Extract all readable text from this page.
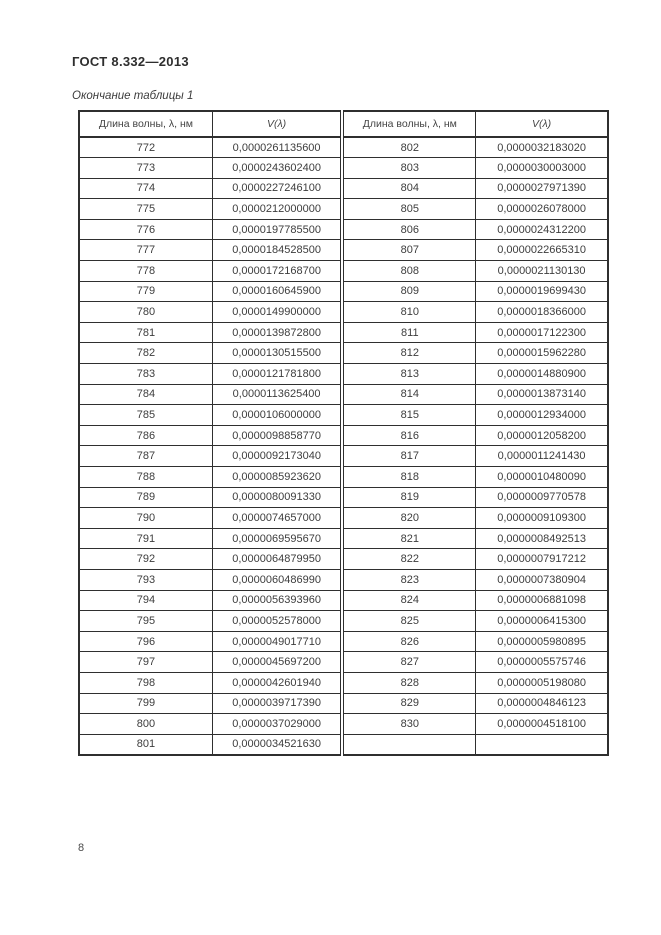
ГОСТ 8.332—2013
Окончание таблицы 1
Длина волны, λ, нм	V(λ)	Длина волны, λ, нм	V(λ)
772	0,0000261135600	802	0,0000032183020
773	0,0000243602400	803	0,0000030003000
774	0,0000227246100	804	0,0000027971390
775	0,0000212000000	805	0,0000026078000
776	0,0000197785500	806	0,0000024312200
777	0,0000184528500	807	0,0000022665310
778	0,0000172168700	808	0,0000021130130
779	0,0000160645900	809	0,0000019699430
780	0,0000149900000	810	0,0000018366000
781	0,0000139872800	811	0,0000017122300
782	0,0000130515500	812	0,0000015962280
783	0,0000121781800	813	0,0000014880900
784	0,0000113625400	814	0,0000013873140
785	0,0000106000000	815	0,0000012934000
786	0,0000098858770	816	0,0000012058200
787	0,0000092173040	817	0,0000011241430
788	0,0000085923620	818	0,0000010480090
789	0,0000080091330	819	0,0000009770578
790	0,0000074657000	820	0,0000009109300
791	0,0000069595670	821	0,0000008492513
792	0,0000064879950	822	0,0000007917212
793	0,0000060486990	823	0,0000007380904
794	0,0000056393960	824	0,0000006881098
795	0,0000052578000	825	0,0000006415300
796	0,0000049017710	826	0,0000005980895
797	0,0000045697200	827	0,0000005575746
798	0,0000042601940	828	0,0000005198080
799	0,0000039717390	829	0,0000004846123
800	0,0000037029000	830	0,0000004518100
801	0,0000034521630		
8
